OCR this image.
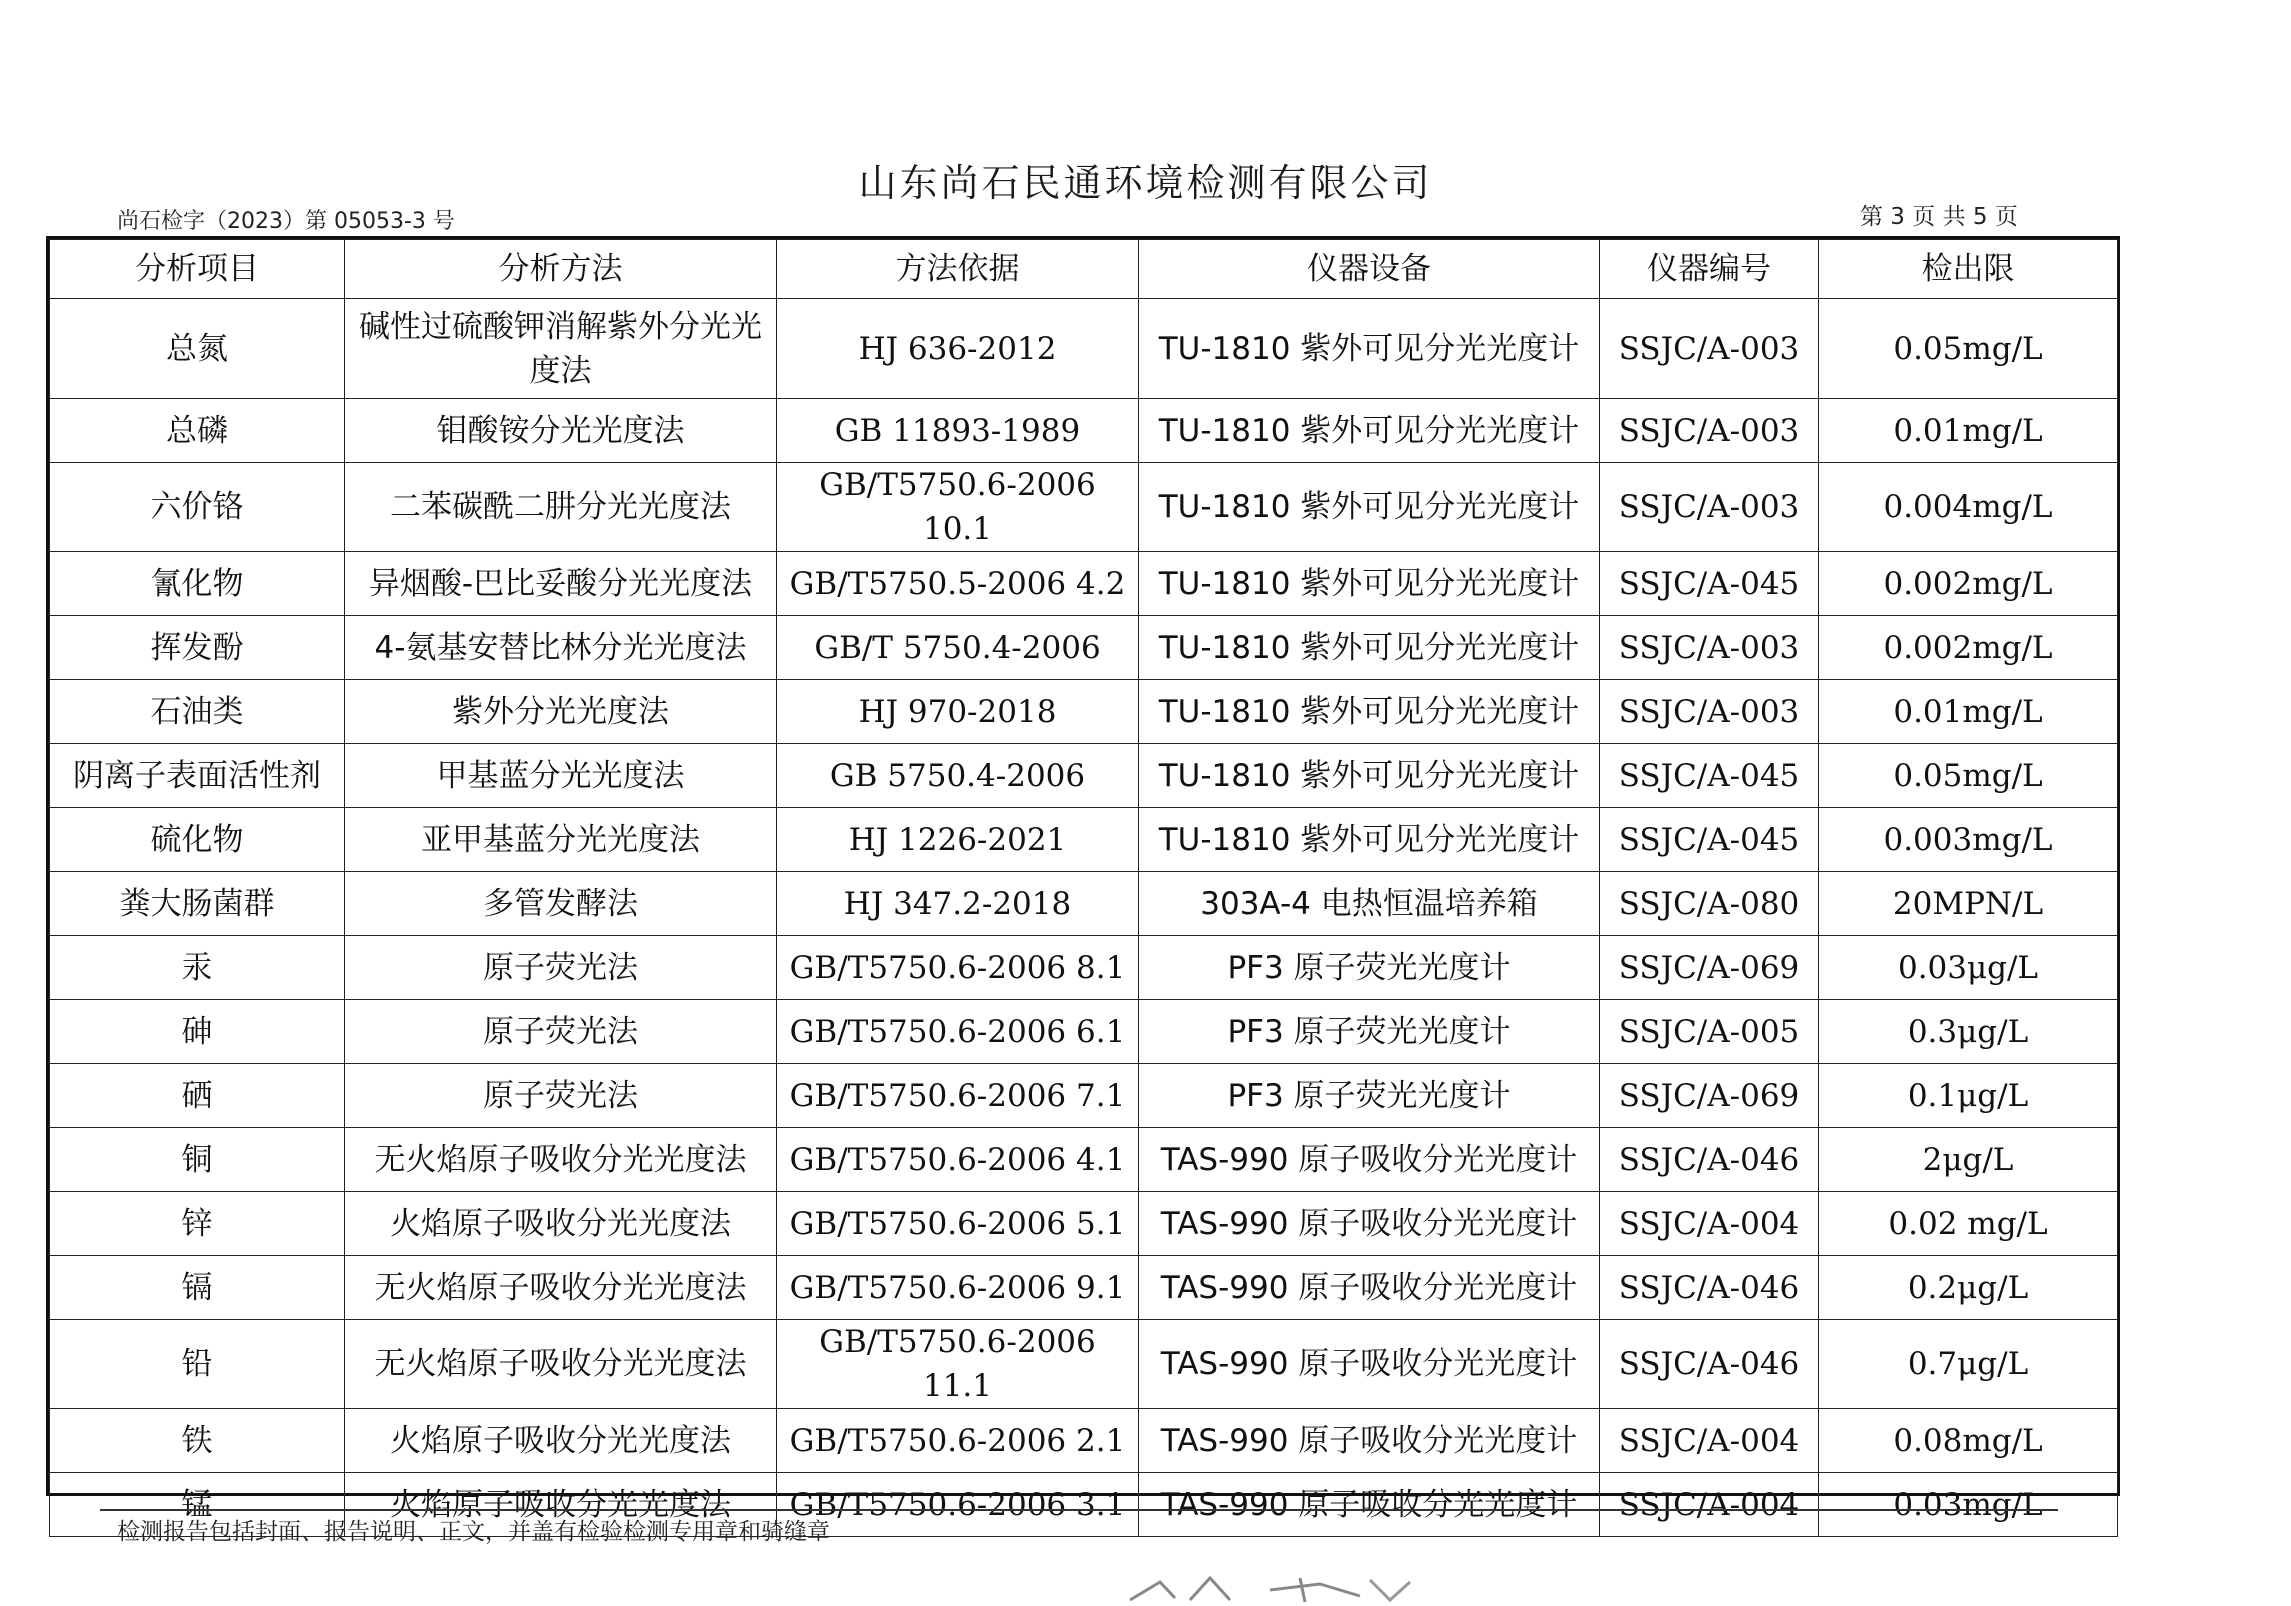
山东尚石民通环境检测有限公司
尚石检字（2023）第 05053-3 号	第 3 页 共 5 页
分析项目	分析方法	方法依据	仪器设备	仪器编号	检出限
总氮	碱性过硫酸钾消解紫外分光光度法	HJ 636-2012	TU-1810 紫外可见分光光度计	SSJC/A-003	0.05mg/L
总磷	钼酸铵分光光度法	GB 11893-1989	TU-1810 紫外可见分光光度计	SSJC/A-003	0.01mg/L
六价铬	二苯碳酰二肼分光光度法	GB/T5750.6-2006 10.1	TU-1810 紫外可见分光光度计	SSJC/A-003	0.004mg/L
氰化物	异烟酸-巴比妥酸分光光度法	GB/T5750.5-2006 4.2	TU-1810 紫外可见分光光度计	SSJC/A-045	0.002mg/L
挥发酚	4-氨基安替比林分光光度法	GB/T 5750.4-2006	TU-1810 紫外可见分光光度计	SSJC/A-003	0.002mg/L
石油类	紫外分光光度法	HJ 970-2018	TU-1810 紫外可见分光光度计	SSJC/A-003	0.01mg/L
阴离子表面活性剂	甲基蓝分光光度法	GB 5750.4-2006	TU-1810 紫外可见分光光度计	SSJC/A-045	0.05mg/L
硫化物	亚甲基蓝分光光度法	HJ 1226-2021	TU-1810 紫外可见分光光度计	SSJC/A-045	0.003mg/L
粪大肠菌群	多管发酵法	HJ 347.2-2018	303A-4 电热恒温培养箱	SSJC/A-080	20MPN/L
汞	原子荧光法	GB/T5750.6-2006 8.1	PF3 原子荧光光度计	SSJC/A-069	0.03μg/L
砷	原子荧光法	GB/T5750.6-2006 6.1	PF3 原子荧光光度计	SSJC/A-005	0.3μg/L
硒	原子荧光法	GB/T5750.6-2006 7.1	PF3 原子荧光光度计	SSJC/A-069	0.1μg/L
铜	无火焰原子吸收分光光度法	GB/T5750.6-2006 4.1	TAS-990 原子吸收分光光度计	SSJC/A-046	2μg/L
锌	火焰原子吸收分光光度法	GB/T5750.6-2006 5.1	TAS-990 原子吸收分光光度计	SSJC/A-004	0.02 mg/L
镉	无火焰原子吸收分光光度法	GB/T5750.6-2006 9.1	TAS-990 原子吸收分光光度计	SSJC/A-046	0.2μg/L
铅	无火焰原子吸收分光光度法	GB/T5750.6-2006 11.1	TAS-990 原子吸收分光光度计	SSJC/A-046	0.7μg/L
铁	火焰原子吸收分光光度法	GB/T5750.6-2006 2.1	TAS-990 原子吸收分光光度计	SSJC/A-004	0.08mg/L
锰	火焰原子吸收分光光度法	GB/T5750.6-2006 3.1	TAS-990 原子吸收分光光度计	SSJC/A-004	0.03mg/L
检测报告包括封面、报告说明、正文，并盖有检验检测专用章和骑缝章
